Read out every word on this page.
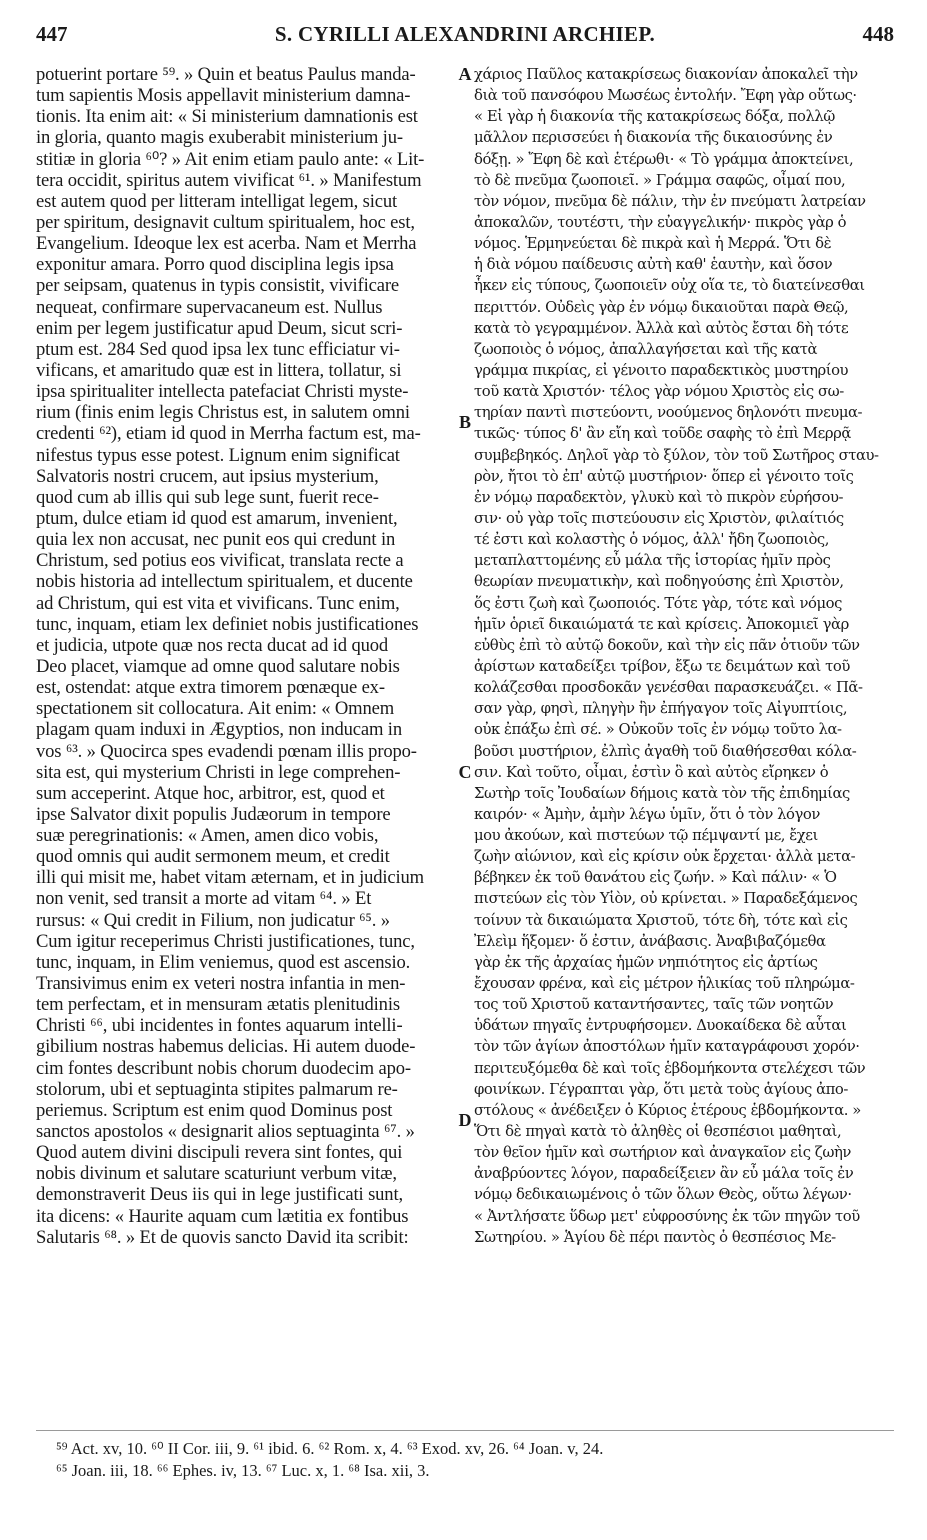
447	S. CYRILLI ALEXANDRINI ARCHIEP.	448
potuerint portare ⁵⁹. » Quin et beatus Paulus manda-
tum sapientis Mosis appellavit ministerium damna-
tionis. Ita enim ait: « Si ministerium damnationis est
in gloria, quanto magis exuberabit ministerium ju-
stitiæ in gloria ⁶⁰? » Ait enim etiam paulo ante: « Lit-
tera occidit, spiritus autem vivificat ⁶¹. » Manifestum
est autem quod per litteram intelligat legem, sicut
per spiritum, designavit cultum spiritualem, hoc est,
Evangelium. Ideoque lex est acerba. Nam et Merrha
exponitur amara. Porro quod disciplina legis ipsa
per seipsam, quatenus in typis consistit, vivificare
nequeat, confirmare supervacaneum est. Nullus
enim per legem justificatur apud Deum, sicut scri-
ptum est. 284 Sed quod ipsa lex tunc efficiatur vi-
vificans, et amaritudo quæ est in littera, tollatur, si
ipsa spiritualiter intellecta patefaciat Christi myste-
rium (finis enim legis Christus est, in salutem omni
credenti ⁶²), etiam id quod in Merrha factum est, ma-
nifestus typus esse potest. Lignum enim significat
Salvatoris nostri crucem, aut ipsius mysterium,
quod cum ab illis qui sub lege sunt, fuerit rece-
ptum, dulce etiam id quod est amarum, invenient,
quia lex non accusat, nec punit eos qui credunt in
Christum, sed potius eos vivificat, translata recte a
nobis historia ad intellectum spiritualem, et ducente
ad Christum, qui est vita et vivificans. Tunc enim,
tunc, inquam, etiam lex definiet nobis justificationes
et judicia, utpote quæ nos recta ducat ad id quod
Deo placet, viamque ad omne quod salutare nobis
est, ostendat: atque extra timorem pœnæque ex-
spectationem sit collocatura. Ait enim: « Omnem
plagam quam induxi in Ægyptios, non inducam in
vos ⁶³. » Quocirca spes evadendi pœnam illis propo-
sita est, qui mysterium Christi in lege comprehen-
sum acceperint. Atque hoc, arbitror, est, quod et
ipse Salvator dixit populis Judæorum in tempore
suæ peregrinationis: « Amen, amen dico vobis,
quod omnis qui audit sermonem meum, et credit
illi qui misit me, habet vitam æternam, et in judicium
non venit, sed transit a morte ad vitam ⁶⁴. » Et
rursus: « Qui credit in Filium, non judicatur ⁶⁵. »
Cum igitur receperimus Christi justificationes, tunc,
tunc, inquam, in Elim veniemus, quod est ascensio.
Transivimus enim ex veteri nostra infantia in men-
tem perfectam, et in mensuram ætatis plenitudinis
Christi ⁶⁶, ubi incidentes in fontes aquarum intelli-
gibilium nostras habemus delicias. Hi autem duode-
cim fontes describunt nobis chorum duodecim apo-
stolorum, ubi et septuaginta stipites palmarum re-
periemus. Scriptum est enim quod Dominus post
sanctos apostolos « designarit alios septuaginta ⁶⁷. »
Quod autem divini discipuli revera sint fontes, qui
nobis divinum et salutare scaturiunt verbum vitæ,
demonstraverit Deus iis qui in lege justificati sunt,
ita dicens: « Haurite aquam cum lætitia ex fontibus
Salutaris ⁶⁸. » Et de quovis sancto David ita scribit:
χάριος Παῦλος κατακρίσεως διακονίαν ἀποκαλεῖ τὴν
διὰ τοῦ πανσόφου Μωσέως ἐντολήν. Ἔφη γὰρ οὕτως·
« Εἰ γὰρ ἡ διακονία τῆς κατακρίσεως δόξα, πολλῷ
μᾶλλον περισσεύει ἡ διακονία τῆς δικαιοσύνης ἐν
δόξῃ. » Ἔφη δὲ καὶ ἑτέρωθι· « Τὸ γράμμα ἀποκτείνει,
τὸ δὲ πνεῦμα ζωοποιεῖ. » Γράμμα σαφῶς, οἶμαί που,
τὸν νόμον, πνεῦμα δὲ πάλιν, τὴν ἐν πνεύματι λατρείαν
ἀποκαλῶν, τουτέστι, τὴν εὐαγγελικήν· πικρὸς γὰρ ὁ
νόμος. Ἑρμηνεύεται δὲ πικρὰ καὶ ἡ Μερρά. Ὅτι δὲ
ἡ διὰ νόμου παίδευσις αὐτὴ καθ' ἑαυτὴν, καὶ ὅσον
ἧκεν εἰς τύπους, ζωοποιεῖν οὐχ οἵα τε, τὸ διατείνεσθαι
περιττόν. Οὐδεὶς γὰρ ἐν νόμῳ δικαιοῦται παρὰ Θεῷ,
κατὰ τὸ γεγραμμένον. Ἀλλὰ καὶ αὐτὸς ἔσται δὴ τότε
ζωοποιὸς ὁ νόμος, ἀπαλλαγήσεται καὶ τῆς κατὰ
γράμμα πικρίας, εἰ γένοιτο παραδεκτικὸς μυστηρίου
τοῦ κατὰ Χριστόν· τέλος γὰρ νόμου Χριστὸς εἰς σω-
τηρίαν παντὶ πιστεύοντι, νοούμενος δηλονότι πνευμα-
τικῶς· τύπος δ' ἂν εἴη καὶ τοῦδε σαφὴς τὸ ἐπὶ Μερρᾷ
συμβεβηκός. Δηλοῖ γὰρ τὸ ξύλον, τὸν τοῦ Σωτῆρος σταυ-
ρὸν, ἤτοι τὸ ἐπ' αὐτῷ μυστήριον· ὅπερ εἰ γένοιτο τοῖς
ἐν νόμῳ παραδεκτὸν, γλυκὺ καὶ τὸ πικρὸν εὑρήσου-
σιν· οὐ γὰρ τοῖς πιστεύουσιν εἰς Χριστὸν, φιλαίτιός
τέ ἐστι καὶ κολαστὴς ὁ νόμος, ἀλλ' ἤδη ζωοποιὸς,
μεταπλαττομένης εὖ μάλα τῆς ἱστορίας ἡμῖν πρὸς
θεωρίαν πνευματικὴν, καὶ ποδηγούσης ἐπὶ Χριστὸν,
ὅς ἐστι ζωὴ καὶ ζωοποιός. Τότε γὰρ, τότε καὶ νόμος
ἡμῖν ὁριεῖ δικαιώματά τε καὶ κρίσεις. Ἀποκομιεῖ γὰρ
εὐθὺς ἐπὶ τὸ αὐτῷ δοκοῦν, καὶ τὴν εἰς πᾶν ὁτιοῦν τῶν
ἀρίστων καταδείξει τρίβον, ἔξω τε δειμάτων καὶ τοῦ
κολάζεσθαι προσδοκᾶν γενέσθαι παρασκευάζει. « Πᾶ-
σαν γὰρ, φησὶ, πληγὴν ἣν ἐπήγαγον τοῖς Αἰγυπτίοις,
οὐκ ἐπάξω ἐπὶ σέ. » Οὐκοῦν τοῖς ἐν νόμῳ τοῦτο λα-
βοῦσι μυστήριον, ἐλπὶς ἀγαθὴ τοῦ διαθήσεσθαι κόλα-
σιν. Καὶ τοῦτο, οἶμαι, ἐστὶν ὃ καὶ αὐτὸς εἴρηκεν ὁ
Σωτὴρ τοῖς Ἰουδαίων δήμοις κατὰ τὸν τῆς ἐπιδημίας
καιρόν· « Ἀμὴν, ἀμὴν λέγω ὑμῖν, ὅτι ὁ τὸν λόγον
μου ἀκούων, καὶ πιστεύων τῷ πέμψαντί με, ἔχει
ζωὴν αἰώνιον, καὶ εἰς κρίσιν οὐκ ἔρχεται· ἀλλὰ μετα-
βέβηκεν ἐκ τοῦ θανάτου εἰς ζωήν. » Καὶ πάλιν· « Ὁ
πιστεύων εἰς τὸν Υἱὸν, οὐ κρίνεται. » Παραδεξάμενος
τοίνυν τὰ δικαιώματα Χριστοῦ, τότε δὴ, τότε καὶ εἰς
Ἐλεὶμ ἥξομεν· ὅ ἐστιν, ἀνάβασις. Ἀναβιβαζόμεθα
γὰρ ἐκ τῆς ἀρχαίας ἡμῶν νηπιότητος εἰς ἀρτίως
ἔχουσαν φρένα, καὶ εἰς μέτρον ἡλικίας τοῦ πληρώμα-
τος τοῦ Χριστοῦ καταντήσαντες, ταῖς τῶν νοητῶν
ὑδάτων πηγαῖς ἐντρυφήσομεν. Δυοκαίδεκα δὲ αὗται
τὸν τῶν ἁγίων ἀποστόλων ἡμῖν καταγράφουσι χορόν·
περιτευξόμεθα δὲ καὶ τοῖς ἑβδομήκοντα στελέχεσι τῶν
φοινίκων. Γέγραπται γὰρ, ὅτι μετὰ τοὺς ἁγίους ἀπο-
στόλους « ἀνέδειξεν ὁ Κύριος ἑτέρους ἑβδομήκοντα. »
Ὅτι δὲ πηγαὶ κατὰ τὸ ἀληθὲς οἱ θεσπέσιοι μαθηταὶ,
τὸν θεῖον ἡμῖν καὶ σωτήριον καὶ ἀναγκαῖον εἰς ζωὴν
ἀναβρύοντες λόγον, παραδείξειεν ἂν εὖ μάλα τοῖς ἐν
νόμῳ δεδικαιωμένοις ὁ τῶν ὅλων Θεὸς, οὕτω λέγων·
« Ἀντλήσατε ὕδωρ μετ' εὐφροσύνης ἐκ τῶν πηγῶν τοῦ
Σωτηρίου. » Ἁγίου δὲ πέρι παντὸς ὁ θεσπέσιος Με-
A
B
C
D
⁵⁹ Act. xv, 10. ⁶⁰ II Cor. iii, 9. ⁶¹ ibid. 6. ⁶² Rom. x, 4. ⁶³ Exod. xv, 26. ⁶⁴ Joan. v, 24.
⁶⁵ Joan. iii, 18. ⁶⁶ Ephes. iv, 13. ⁶⁷ Luc. x, 1. ⁶⁸ Isa. xii, 3.
